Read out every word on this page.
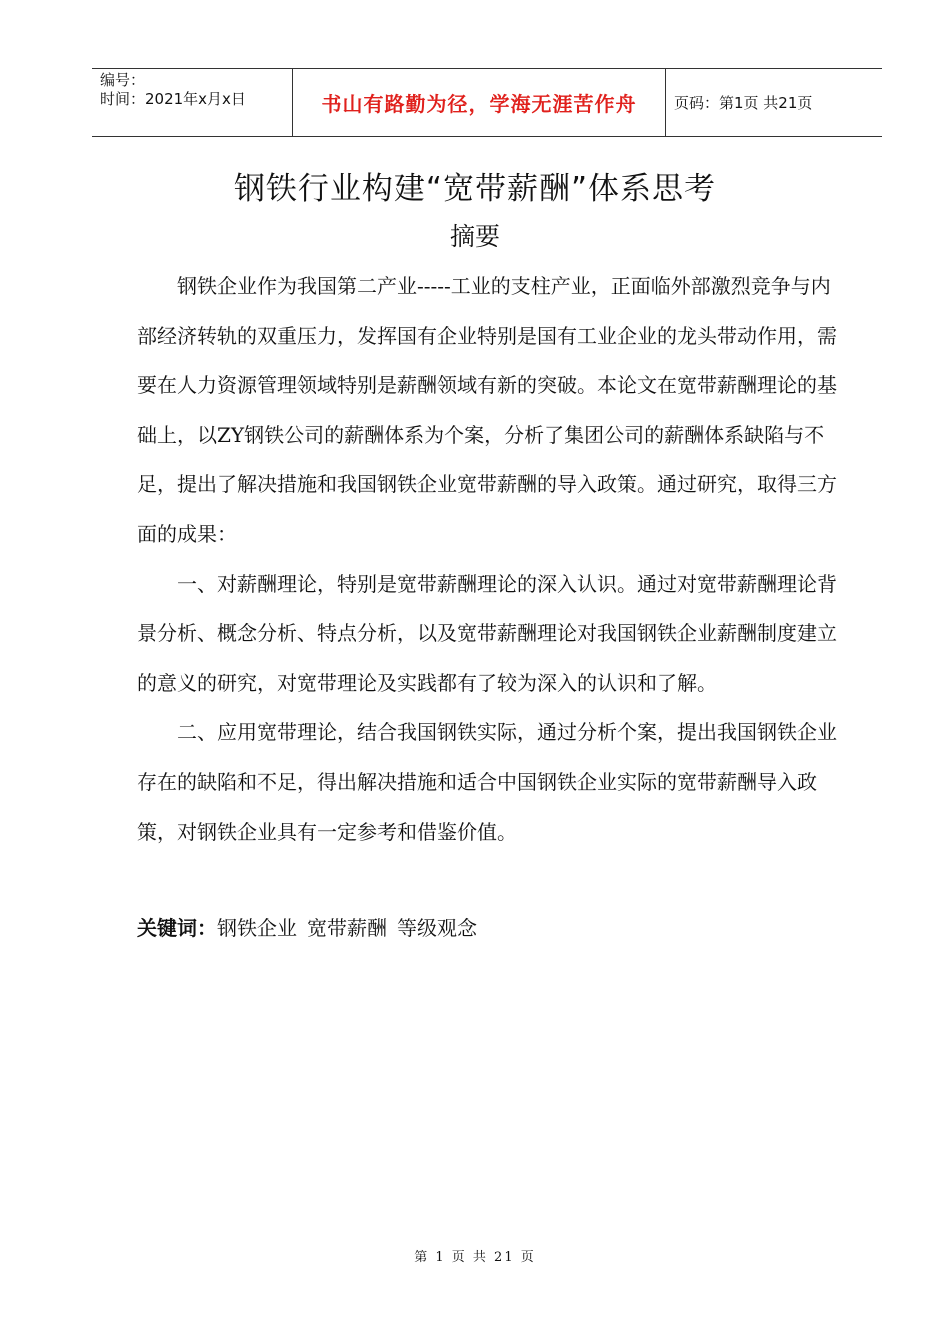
编号：
时间：2021年x月x日	书山有路勤为径，学海无涯苦作舟	页码：第1页 共21页
钢铁行业构建“宽带薪酬”体系思考
摘要

钢铁企业作为我国第二产业-----工业的支柱产业，正面临外部激烈竞争与内部经济转轨的双重压力，发挥国有企业特别是国有工业企业的龙头带动作用，需要在人力资源管理领域特别是薪酬领域有新的突破。本论文在宽带薪酬理论的基础上，以ZY钢铁公司的薪酬体系为个案，分析了集团公司的薪酬体系缺陷与不足，提出了解决措施和我国钢铁企业宽带薪酬的导入政策。通过研究，取得三方面的成果：

一、对薪酬理论，特别是宽带薪酬理论的深入认识。通过对宽带薪酬理论背景分析、概念分析、特点分析，以及宽带薪酬理论对我国钢铁企业薪酬制度建立的意义的研究，对宽带理论及实践都有了较为深入的认识和了解。

二、应用宽带理论，结合我国钢铁实际，通过分析个案，提出我国钢铁企业存在的缺陷和不足，得出解决措施和适合中国钢铁企业实际的宽带薪酬导入政策，对钢铁企业具有一定参考和借鉴价值。

关键词：钢铁企业 宽带薪酬 等级观念
第 1 页 共 21 页
